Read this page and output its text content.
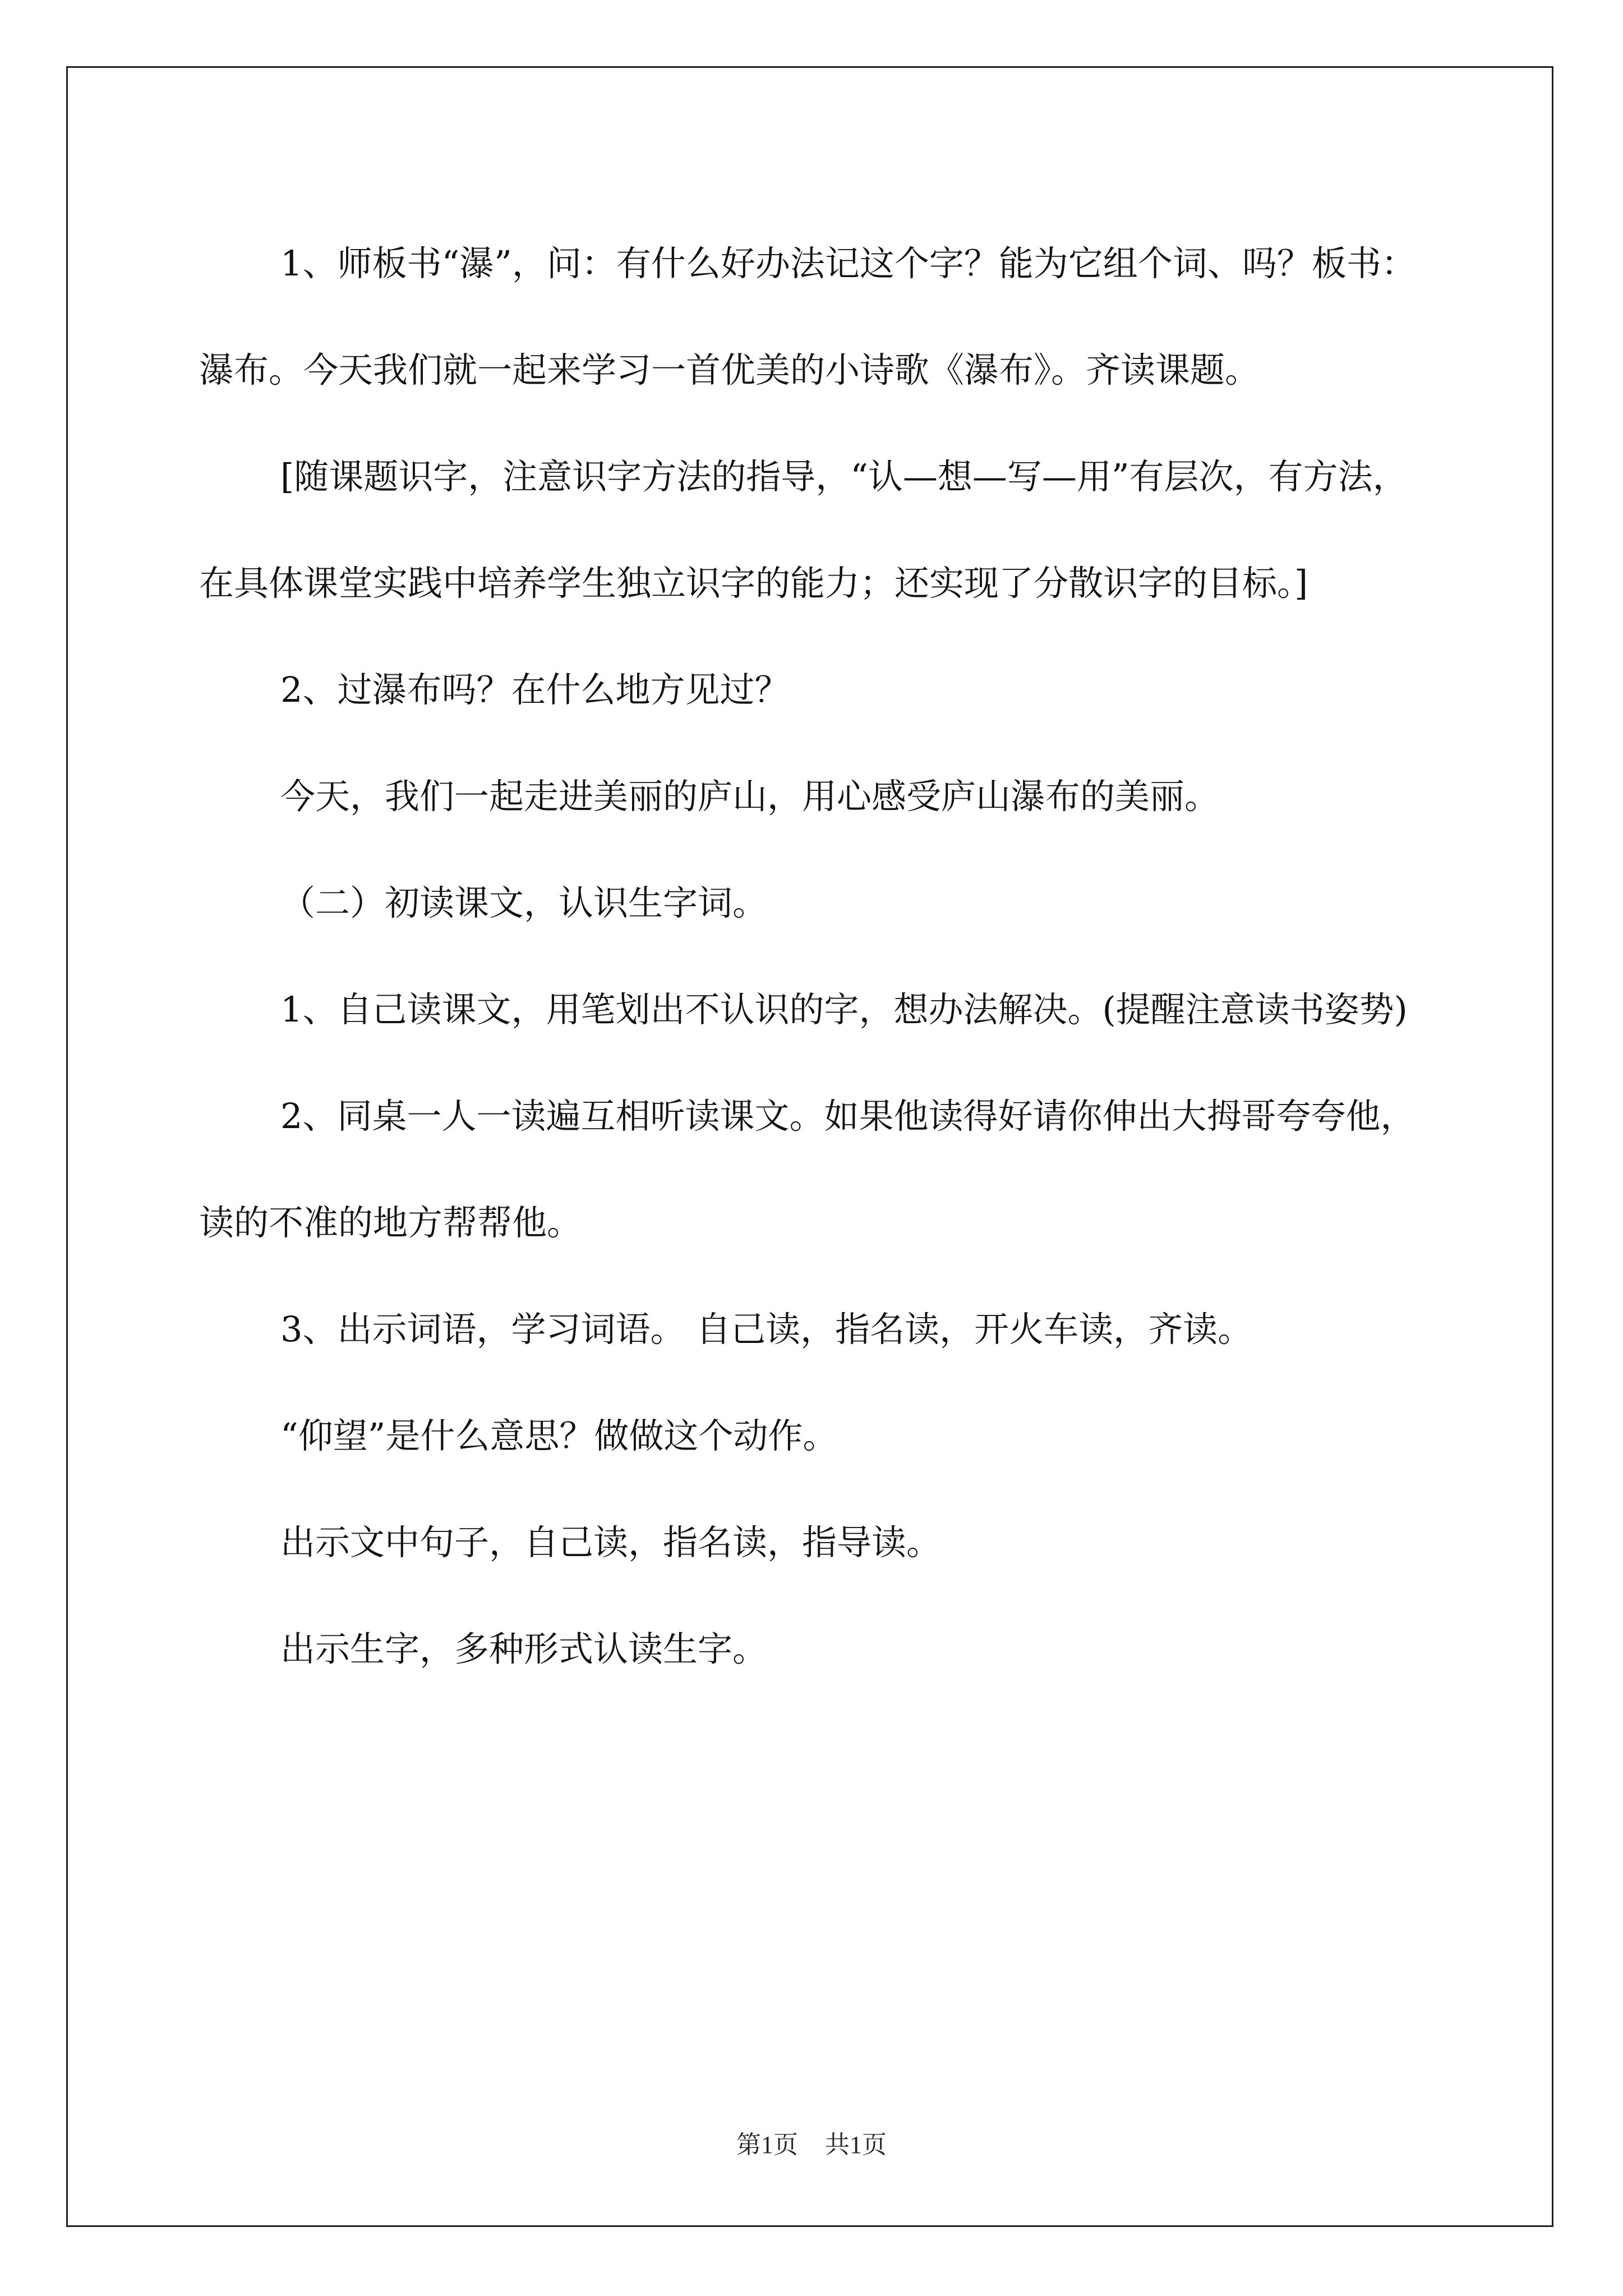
1、师板书“瀑”，问：有什么好办法记这个字？能为它组个词、吗？板书：瀑布。今天我们就一起来学习一首优美的小诗歌《瀑布》。齐读课题。

[随课题识字，注意识字方法的指导，“认—想—写—用”有层次，有方法，在具体课堂实践中培养学生独立识字的能力；还实现了分散识字的目标。]

2、过瀑布吗？在什么地方见过？

今天，我们一起走进美丽的庐山，用心感受庐山瀑布的美丽。

（二）初读课文，认识生字词。

1、自己读课文，用笔划出不认识的字，想办法解决。(提醒注意读书姿势)

2、同桌一人一读遍互相听读课文。如果他读得好请你伸出大拇哥夸夸他，读的不准的地方帮帮他。

3、出示词语，学习词语。 自己读，指名读，开火车读，齐读。

“仰望”是什么意思？做做这个动作。

出示文中句子，自己读，指名读，指导读。

出示生字，多种形式认读生字。

第1页 共1页
